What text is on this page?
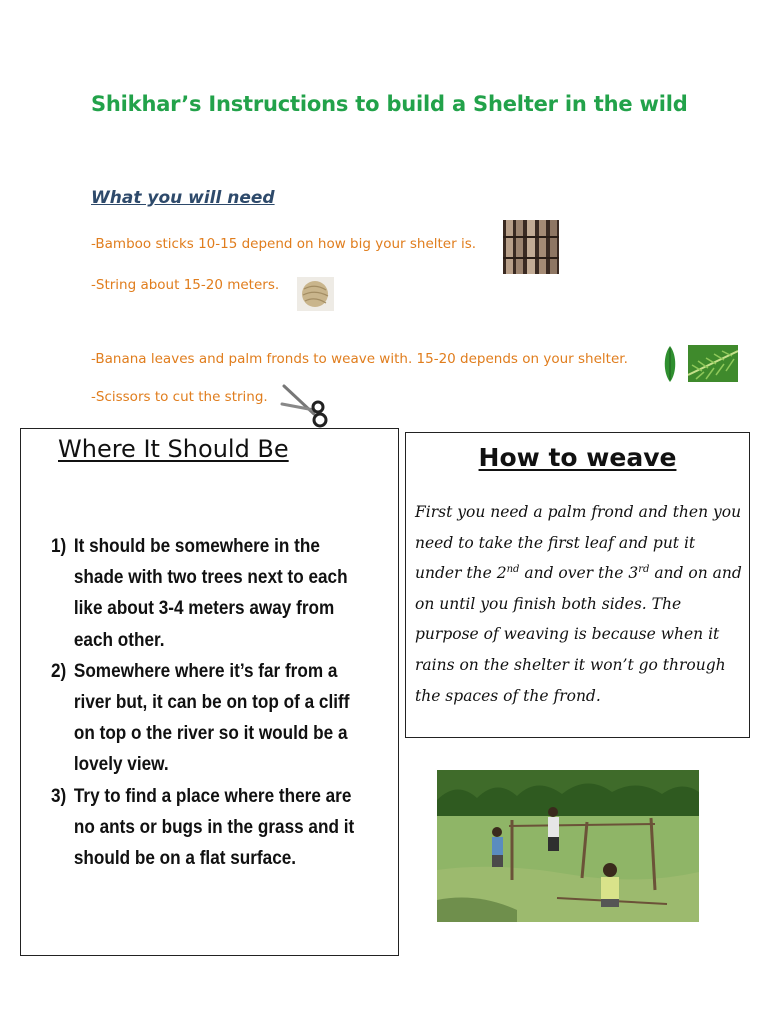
Shikhar’s Instructions to build a Shelter in the wild
What you will need
-Bamboo sticks 10-15 depend on how big your shelter is.
-String about 15-20 meters.
-Banana leaves and palm fronds to weave with. 15-20 depends on your shelter.
-Scissors to cut the string.
Where It Should Be
1) It should be somewhere in the shade with two trees next to each like about 3-4 meters away from each other.
2) Somewhere where it’s far from a river but, it can be on top of a cliff on top o the river so it would be a lovely view.
3) Try to find a place where there are no ants or bugs in the grass and it should be on a flat surface.
How to weave
First you need a palm frond and then you need to take the first leaf and put it under the 2nd and over the 3rd and on and on until you finish both sides. The purpose of weaving is because when it rains on the shelter it won’t go through the spaces of the frond.
